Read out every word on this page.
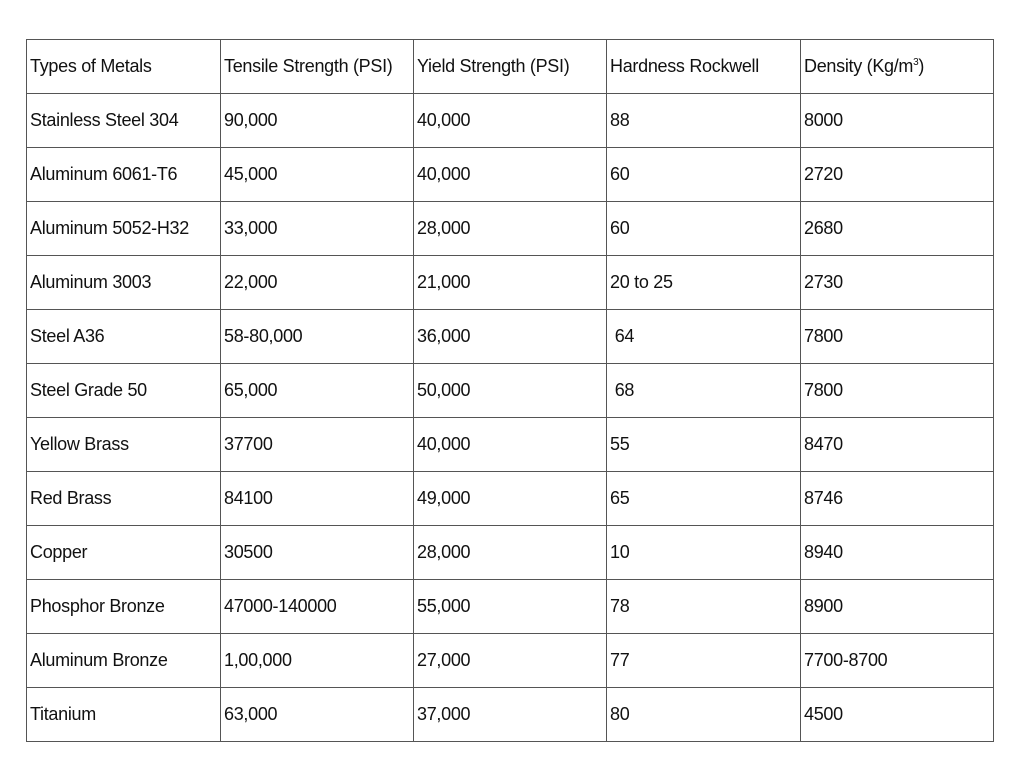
Types of Metals	Tensile Strength (PSI)	Yield Strength (PSI)	Hardness Rockwell	Density $(Kg/m^3)$
Stainless Steel 304	90,000	40,000	88	8000
Aluminum 6061-T6	45,000	40,000	60	2720
Aluminum 5052-H32	33,000	28,000	60	2680
Aluminum 3003	22,000	21,000	20 to 25	2730
Steel A36	58-80,000	36,000	64	7800
Steel Grade 50	65,000	50,000	68	7800
Yellow Brass	37700	40,000	55	8470
Red Brass	84100	49,000	65	8746
Copper	30500	28,000	10	8940
Phosphor Bronze	47000-140000	55,000	78	8900
Aluminum Bronze	1,00,000	27,000	77	7700-8700
Titanium	63,000	37,000	80	4500
